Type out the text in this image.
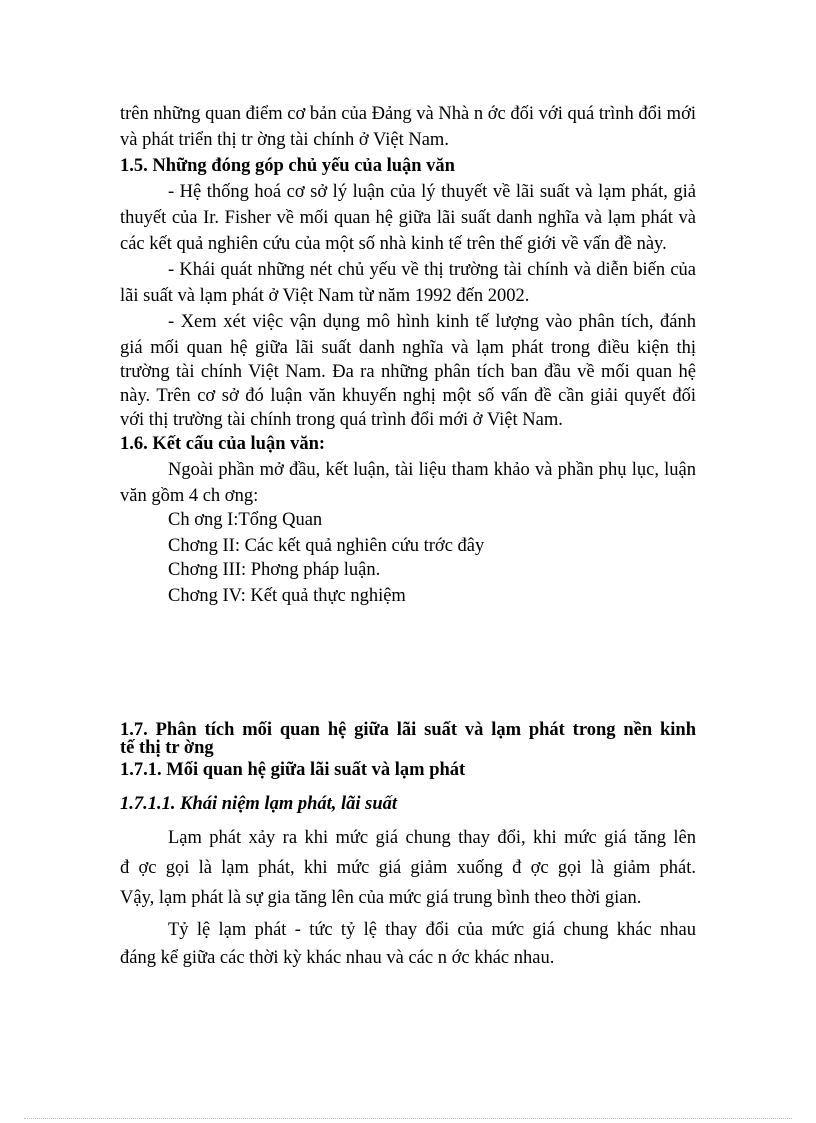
trên những quan điểm cơ bản của Đảng và Nhà n ớc đối với quá trình đổi mới
và phát triển thị tr ờng tài chính ở Việt Nam.
1.5. Những đóng góp chủ yếu của luận văn
- Hệ thống hoá cơ sở lý luận của lý thuyết về lãi suất và lạm phát, giả
thuyết của Ir. Fisher về mối quan hệ giữa lãi suất danh nghĩa và lạm phát và
các kết quả nghiên cứu của một số nhà kinh tế trên thế giới về vấn đề này.
- Khái quát những nét chủ yếu về thị trường tài chính và diễn biến của
lãi suất và lạm phát ở Việt Nam từ năm 1992 đến 2002.
- Xem xét việc vận dụng mô hình kinh tế lượng vào phân tích, đánh
giá mối quan hệ giữa lãi suất danh nghĩa và lạm phát trong điều kiện thị
trường tài chính Việt Nam. Đa ra những phân tích ban đầu về mối quan hệ
này. Trên cơ sở đó luận văn khuyến nghị một số vấn đề cần giải quyết đối
với thị trường tài chính trong quá trình đổi mới ở Việt Nam.
1.6. Kết cấu của luận văn:
Ngoài phần mở đầu, kết luận, tài liệu tham khảo và phần phụ lục, luận
văn gồm 4 ch ơng:
Ch ơng I:Tổng Quan
Chơng II: Các kết quả nghiên cứu trớc đây
Chơng III: Phơng pháp luận.
Chơng IV: Kết quả thực nghiệm
1.7. Phân tích mối quan hệ giữa lãi suất và lạm phát trong nền kinh
tế thị tr ờng
1.7.1. Mối quan hệ giữa lãi suất và lạm phát
1.7.1.1. Khái niệm lạm phát, lãi suất
Lạm phát xảy ra khi mức giá chung thay đổi, khi mức giá tăng lên
đ ợc gọi là lạm phát, khi mức giá giảm xuống đ ợc gọi là giảm phát.
Vậy, lạm phát là sự gia tăng lên của mức giá trung bình theo thời gian.
Tỷ lệ lạm phát - tức tỷ lệ thay đổi của mức giá chung khác nhau
đáng kể giữa các thời kỳ khác nhau và các n ớc khác nhau.
